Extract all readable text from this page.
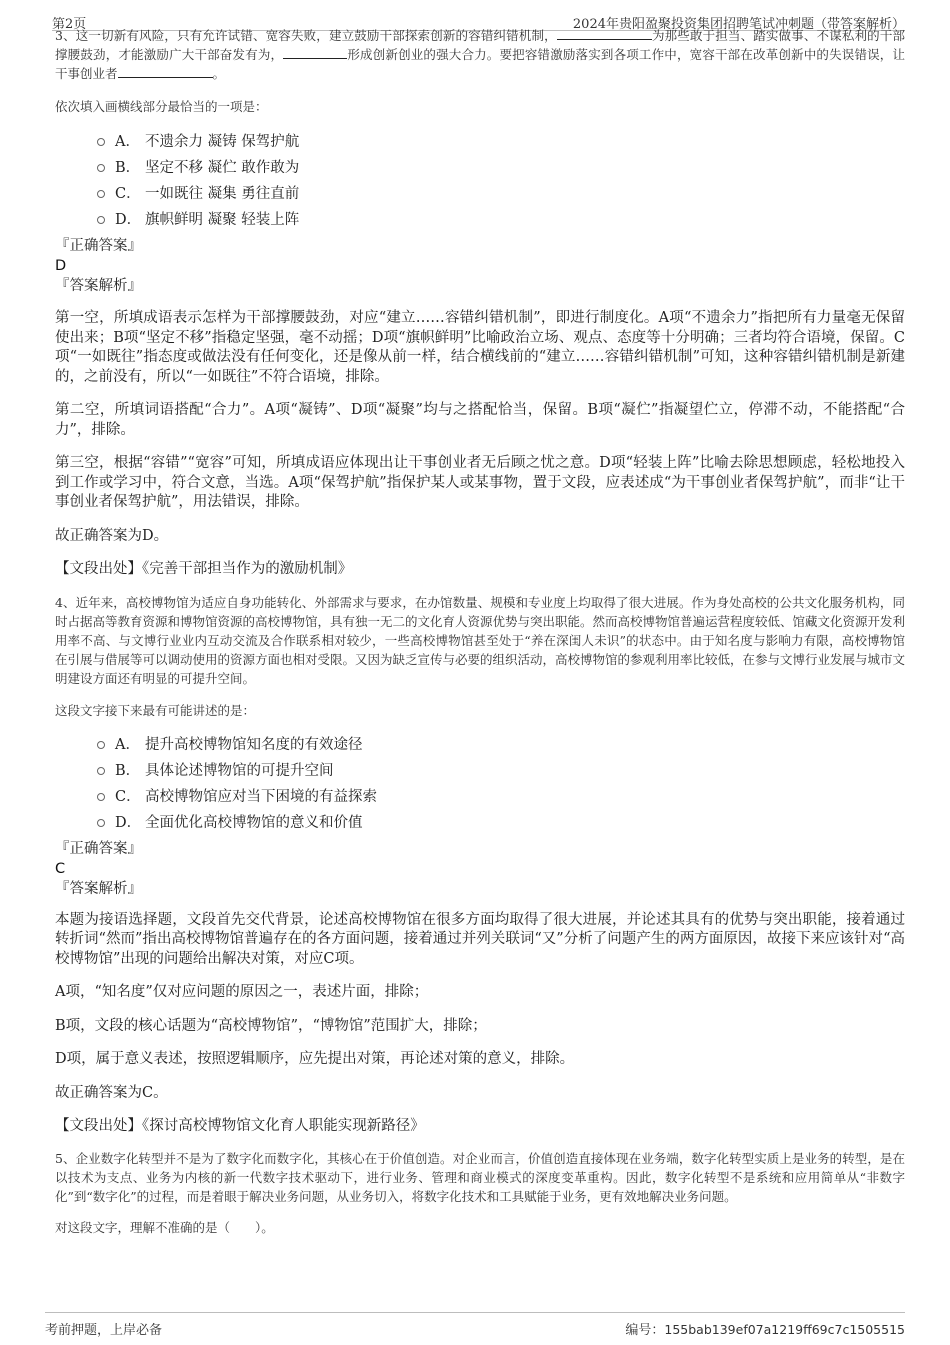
第2页	2024年贵阳盈聚投资集团招聘笔试冲刺题（带答案解析）

3、这一切新有风险，只有允许试错、宽容失败，建立鼓励干部探索创新的容错纠错机制，	为那些敢于担当、踏实做事、不谋私利的干部撑腰鼓劲，才能激励广大干部奋发有为，	形成创新创业的强大合力。要把容错激励落实到各项工作中，宽容干部在改革创新中的失误错误，让干事创业者	。

依次填入画横线部分最恰当的一项是：

A． 不遗余力 凝铸 保驾护航
B． 坚定不移 凝伫 敢作敢为
C． 一如既往 凝集 勇往直前
D． 旗帜鲜明 凝聚 轻装上阵

『正确答案』

D

『答案解析』

第一空，所填成语表示怎样为干部撑腰鼓劲，对应“建立……容错纠错机制”，即进行制度化。A项“不遗余力”指把所有力量毫无保留使出来；B项“坚定不移”指稳定坚强，毫不动摇；D项“旗帜鲜明”比喻政治立场、观点、态度等十分明确；三者均符合语境，保留。C项“一如既往”指态度或做法没有任何变化，还是像从前一样，结合横线前的“建立……容错纠错机制”可知，这种容错纠错机制是新建的，之前没有，所以“一如既往”不符合语境，排除。

第二空，所填词语搭配“合力”。A项“凝铸”、D项“凝聚”均与之搭配恰当，保留。B项“凝伫”指凝望伫立，停滞不动，不能搭配“合力”，排除。

第三空，根据“容错”“宽容”可知，所填成语应体现出让干事创业者无后顾之忧之意。D项“轻装上阵”比喻去除思想顾虑，轻松地投入到工作或学习中，符合文意，当选。A项“保驾护航”指保护某人或某事物，置于文段，应表述成“为干事创业者保驾护航”，而非“让干事创业者保驾护航”，用法错误，排除。

故正确答案为D。

【文段出处】《完善干部担当作为的激励机制》

4、近年来，高校博物馆为适应自身功能转化、外部需求与要求，在办馆数量、规模和专业度上均取得了很大进展。作为身处高校的公共文化服务机构，同时占据高等教育资源和博物馆资源的高校博物馆，具有独一无二的文化育人资源优势与突出职能。然而高校博物馆普遍运营程度较低、馆藏文化资源开发利用率不高、与文博行业业内互动交流及合作联系相对较少，一些高校博物馆甚至处于“养在深闺人未识”的状态中。由于知名度与影响力有限，高校博物馆在引展与借展等可以调动使用的资源方面也相对受限。又因为缺乏宣传与必要的组织活动，高校博物馆的参观利用率比较低，在参与文博行业发展与城市文明建设方面还有明显的可提升空间。

这段文字接下来最有可能讲述的是：

A． 提升高校博物馆知名度的有效途径
B． 具体论述博物馆的可提升空间
C． 高校博物馆应对当下困境的有益探索
D． 全面优化高校博物馆的意义和价值

『正确答案』

C

『答案解析』

本题为接语选择题，文段首先交代背景，论述高校博物馆在很多方面均取得了很大进展，并论述其具有的优势与突出职能，接着通过转折词“然而”指出高校博物馆普遍存在的各方面问题，接着通过并列关联词“又”分析了问题产生的两方面原因，故接下来应该针对“高校博物馆”出现的问题给出解决对策，对应C项。

A项，“知名度”仅对应问题的原因之一，表述片面，排除；

B项，文段的核心话题为“高校博物馆”，“博物馆”范围扩大，排除；

D项，属于意义表述，按照逻辑顺序，应先提出对策，再论述对策的意义，排除。

故正确答案为C。

【文段出处】《探讨高校博物馆文化育人职能实现新路径》

5、企业数字化转型并不是为了数字化而数字化，其核心在于价值创造。对企业而言，价值创造直接体现在业务端，数字化转型实质上是业务的转型，是在以技术为支点、业务为内核的新一代数字技术驱动下，进行业务、管理和商业模式的深度变革重构。因此，数字化转型不是系统和应用简单从“非数字化”到“数字化”的过程，而是着眼于解决业务问题，从业务切入，将数字化技术和工具赋能于业务，更有效地解决业务问题。

对这段文字，理解不准确的是（　　）。

考前押题，上岸必备	编号：155bab139ef07a1219ff69c7c1505515
